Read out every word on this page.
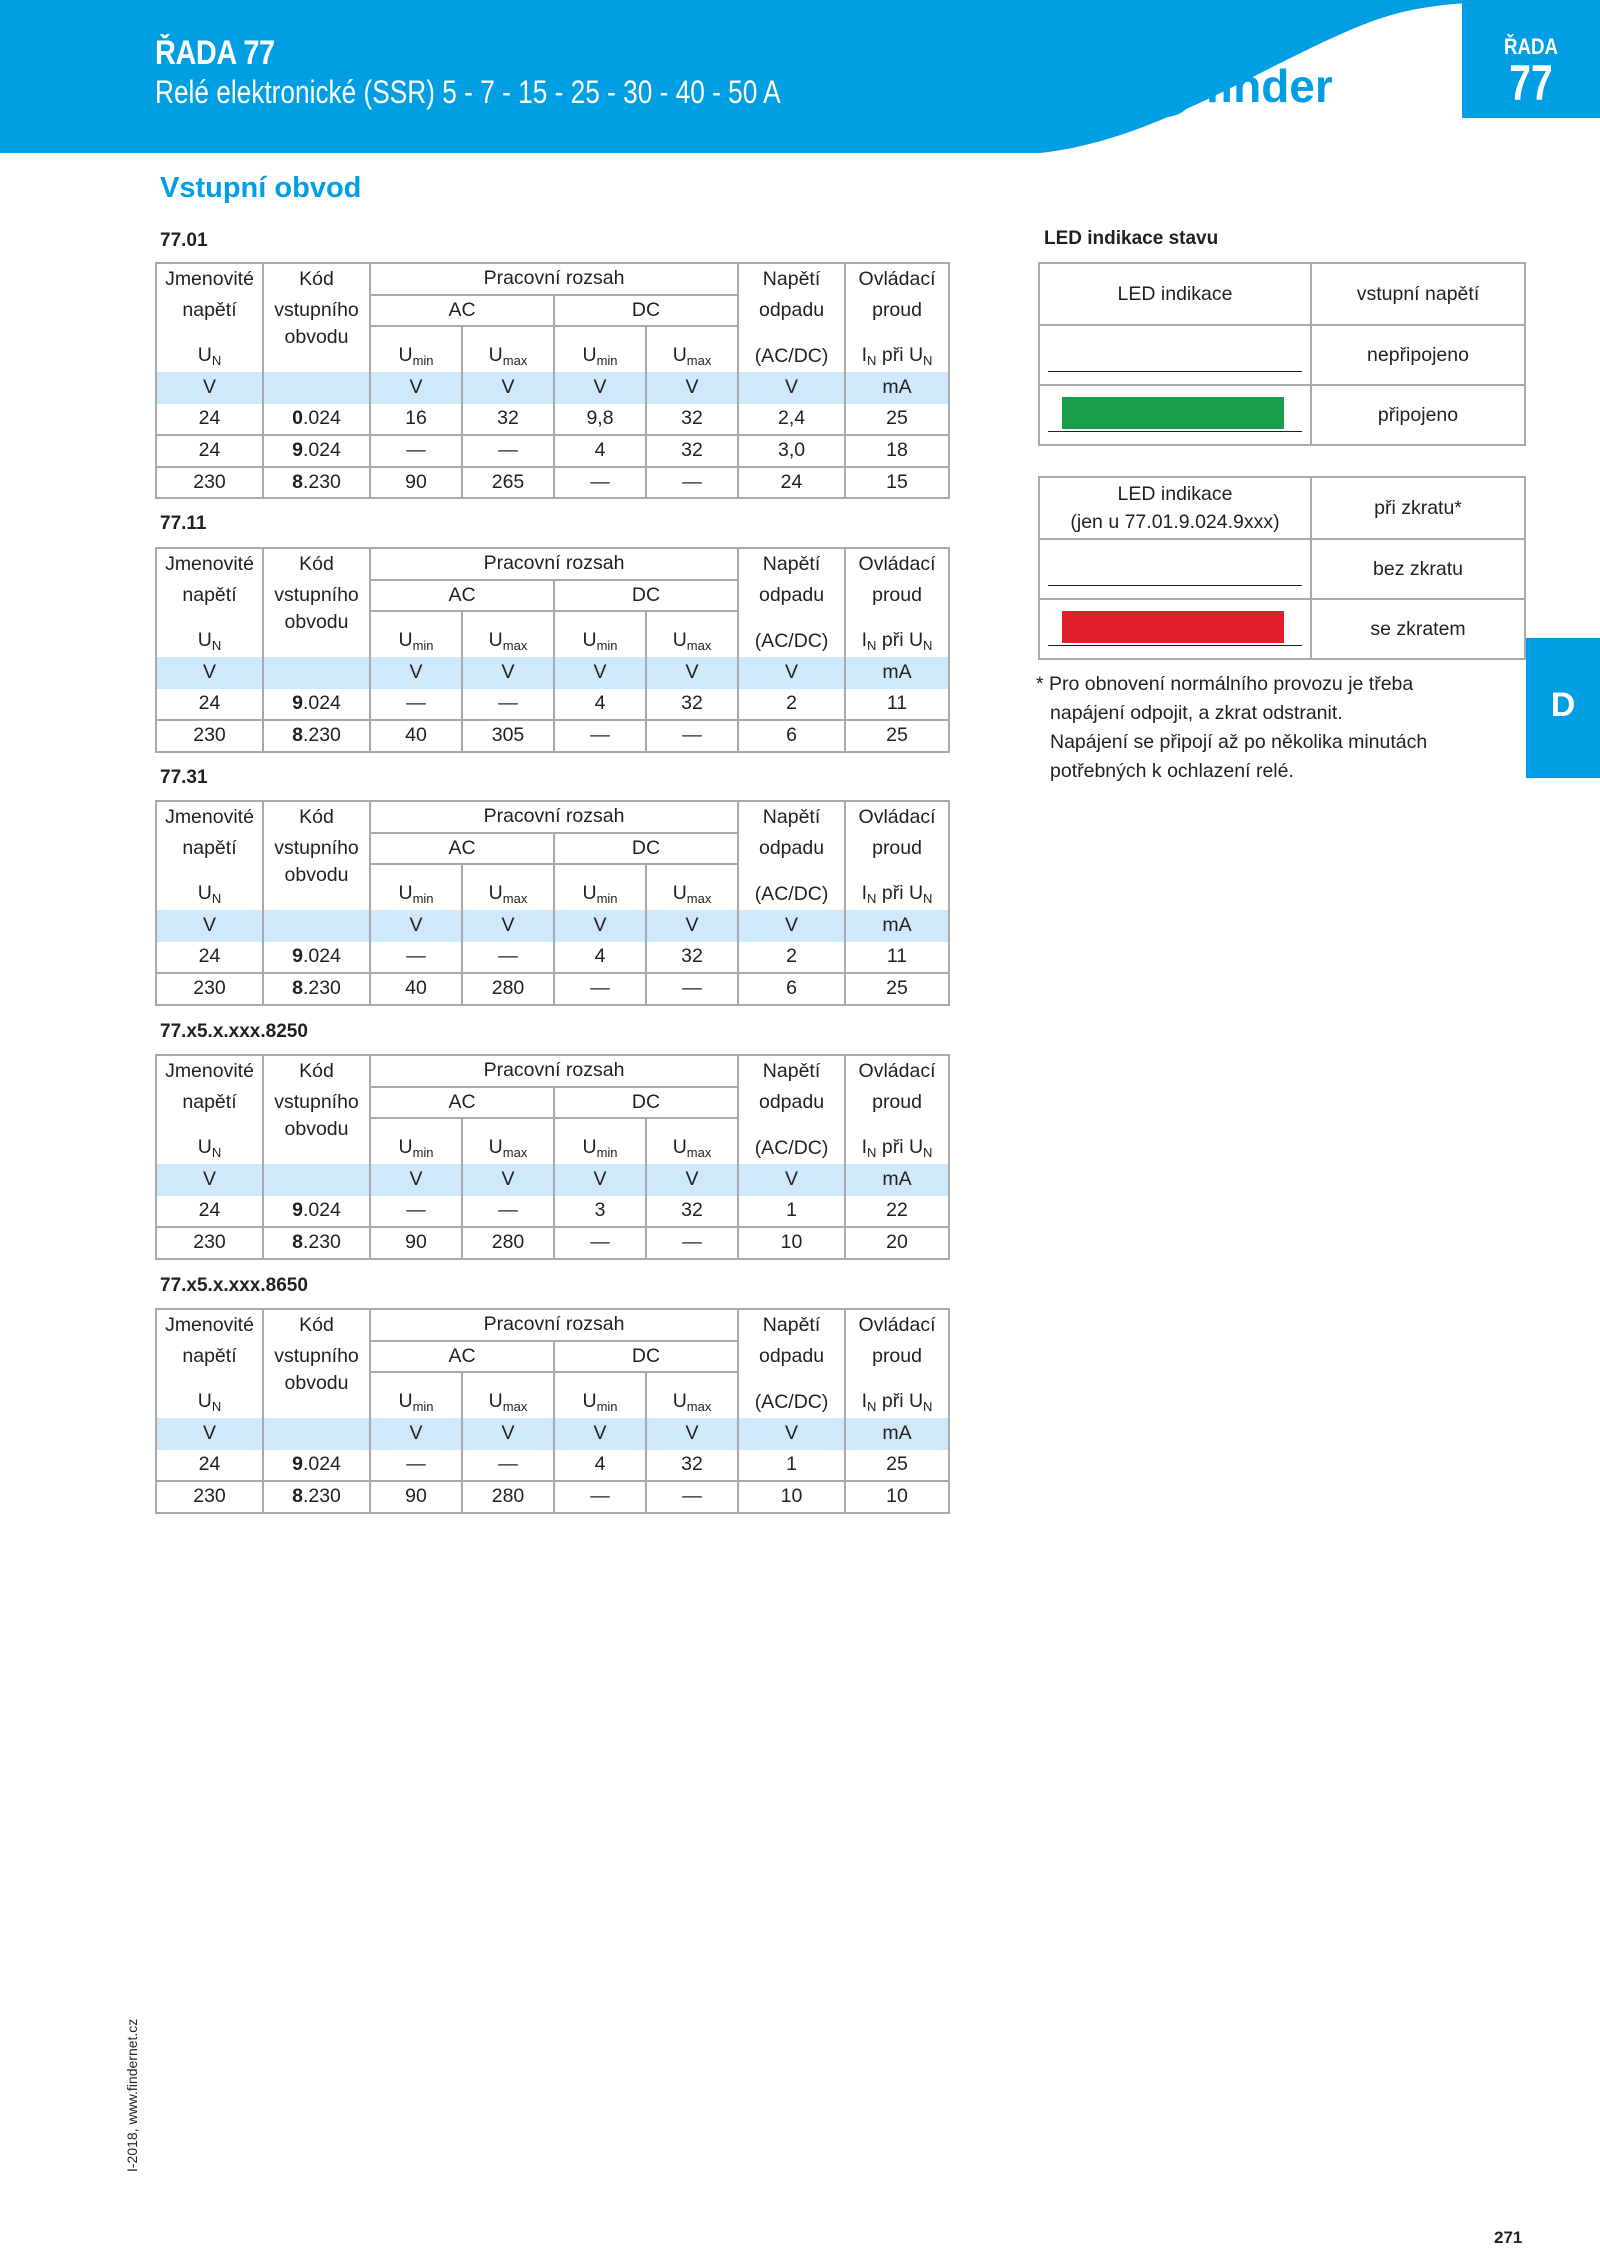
ŘADA 77
Relé elektronické (SSR) 5 - 7 - 15 - 25 - 30 - 40 - 50 A	finder
ŘADA
77
D
Vstupní obvod
77.01
Jmenovité	Kód	Pracovní rozsah				Napětí	Ovládací
napětí	vstupního	AC		DC		odpadu	proud
$U_N$	obvodu	$U_{min}$	$U_{max}$	$U_{min}$	$U_{max}$	(AC/DC)	$I_N$ při $U_N$
V		V	V	V	V	V	mA
24	0.024	16	32	9,8	32	2,4	25
24	9.024	—	—	4	32	3,0	18
230	8.230	90	265	—	—	24	15
77.11
Jmenovité	Kód	Pracovní rozsah				Napětí	Ovládací
napětí	vstupního	AC		DC		odpadu	proud
$U_N$	obvodu	$U_{min}$	$U_{max}$	$U_{min}$	$U_{max}$	(AC/DC)	$I_N$ při $U_N$
V		V	V	V	V	V	mA
24	9.024	—	—	4	32	2	11
230	8.230	40	305	—	—	6	25
77.31
Jmenovité	Kód	Pracovní rozsah				Napětí	Ovládací
napětí	vstupního	AC		DC		odpadu	proud
$U_N$	obvodu	$U_{min}$	$U_{max}$	$U_{min}$	$U_{max}$	(AC/DC)	$I_N$ při $U_N$
V		V	V	V	V	V	mA
24	9.024	—	—	4	32	2	11
230	8.230	40	280	—	—	6	25
77.x5.x.xxx.8250
Jmenovité	Kód	Pracovní rozsah				Napětí	Ovládací
napětí	vstupního	AC		DC		odpadu	proud
$U_N$	obvodu	$U_{min}$	$U_{max}$	$U_{min}$	$U_{max}$	(AC/DC)	$I_N$ při $U_N$
V		V	V	V	V	V	mA
24	9.024	—	—	3	32	1	22
230	8.230	90	280	—	—	10	20
77.x5.x.xxx.8650
Jmenovité	Kód	Pracovní rozsah				Napětí	Ovládací
napětí	vstupního	AC		DC		odpadu	proud
$U_N$	obvodu	$U_{min}$	$U_{max}$	$U_{min}$	$U_{max}$	(AC/DC)	$I_N$ při $U_N$
V		V	V	V	V	V	mA
24	9.024	—	—	4	32	1	25
230	8.230	90	280	—	—	10	10
LED indikace stavu
LED indikace	vstupní napětí

	nepřipojeno

	připojeno
LED indikace
(jen u 77.01.9.024.9xxx)	při zkratu*

	bez zkratu

	se zkratem
* Pro obnovení normálního provozu je třeba
napájení odpojit, a zkrat odstranit.
Napájení se připojí až po několika minutách
potřebných k ochlazení relé.
I-2018, www.findernet.cz
271
